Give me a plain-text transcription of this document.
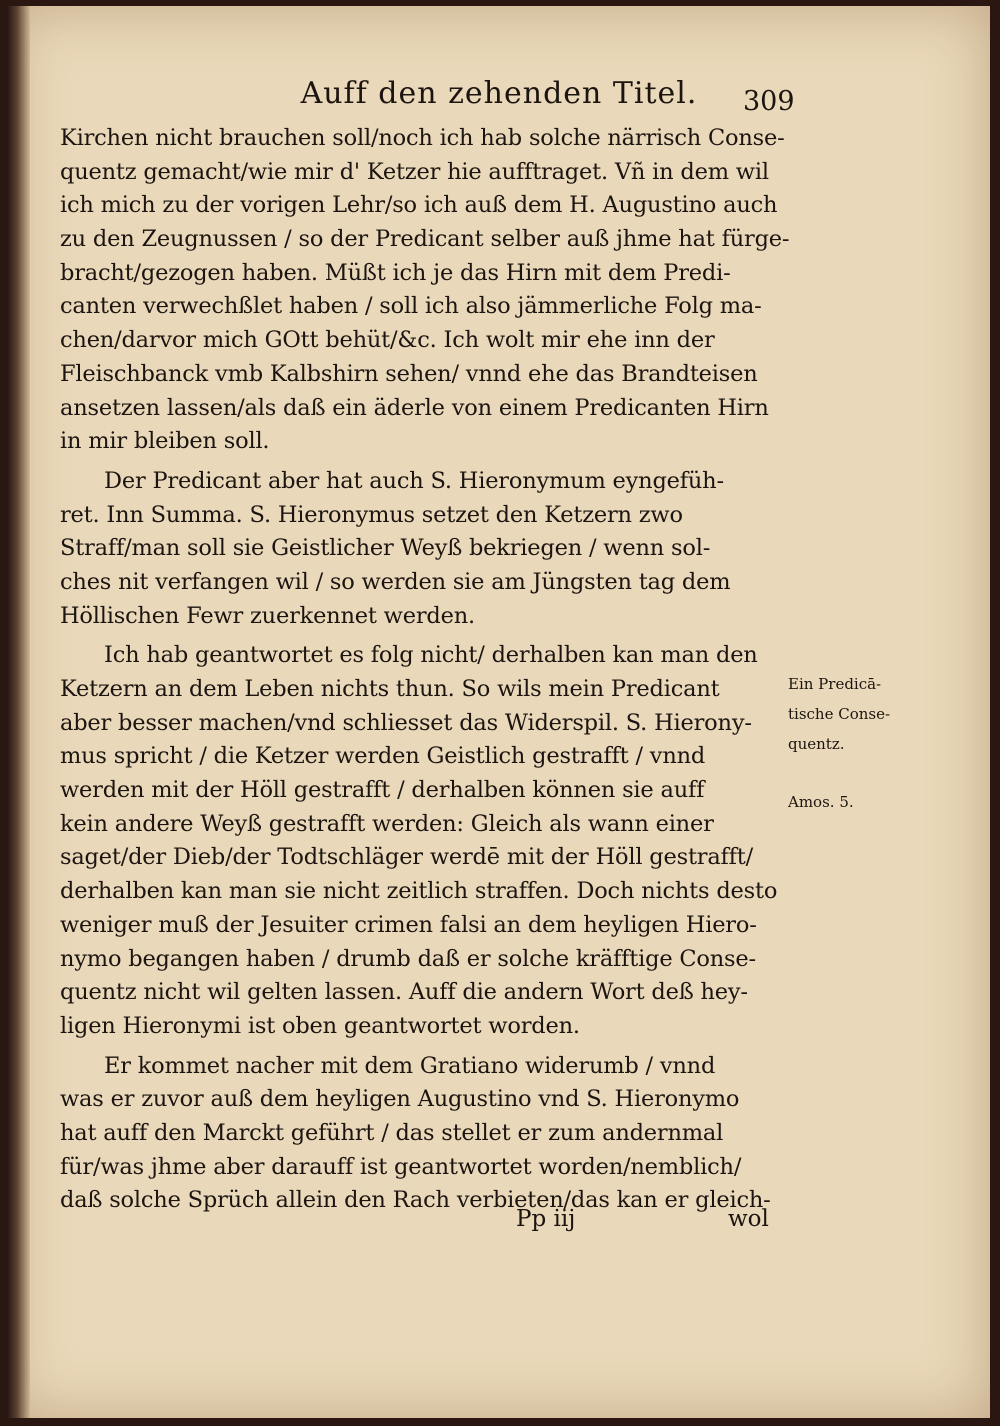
Auff den zehenden Titel.	309
Kirchen nicht brauchen soll/noch ich hab solche närrisch Conse-
quentz gemacht/wie mir d' Ketzer hie aufftraget. Vñ in dem wil
ich mich zu der vorigen Lehr/so ich auß dem H. Augustino auch
zu den Zeugnussen / so der Predicant selber auß jhme hat fürge-
bracht/gezogen haben. Müßt ich je das Hirn mit dem Predi-
canten verwechßlet haben / soll ich also jämmerliche Folg ma-
chen/darvor mich GOtt behüt/&c. Ich wolt mir ehe inn der
Fleischbanck vmb Kalbshirn sehen/ vnnd ehe das Brandteisen
ansetzen lassen/als daß ein äderle von einem Predicanten Hirn
in mir bleiben soll.
Der Predicant aber hat auch S. Hieronymum eyngefüh-
ret. Inn Summa. S. Hieronymus setzet den Ketzern zwo
Straff/man soll sie Geistlicher Weyß bekriegen / wenn sol-
ches nit verfangen wil / so werden sie am Jüngsten tag dem
Höllischen Fewr zuerkennet werden.
Ich hab geantwortet es folg nicht/ derhalben kan man den
Ketzern an dem Leben nichts thun. So wils mein Predicant
aber besser machen/vnd schliesset das Widerspil. S. Hierony-
mus spricht / die Ketzer werden Geistlich gestrafft / vnnd
werden mit der Höll gestrafft / derhalben können sie auff
kein andere Weyß gestrafft werden: Gleich als wann einer
saget/der Dieb/der Todtschläger werdē mit der Höll gestrafft/
derhalben kan man sie nicht zeitlich straffen. Doch nichts desto
weniger muß der Jesuiter crimen falsi an dem heyligen Hiero-
nymo begangen haben / drumb daß er solche kräfftige Conse-
quentz nicht wil gelten lassen. Auff die andern Wort deß hey-
ligen Hieronymi ist oben geantwortet worden.
Er kommet nacher mit dem Gratiano widerumb / vnnd
was er zuvor auß dem heyligen Augustino vnd S. Hieronymo
hat auff den Marckt geführt / das stellet er zum andernmal
für/was jhme aber darauff ist geantwortet worden/nemblich/
daß solche Sprüch allein den Rach verbieten/das kan er gleich-
Ein Predicā-
tische Conse-
quentz.
Amos. 5.
Pp iij	wol
